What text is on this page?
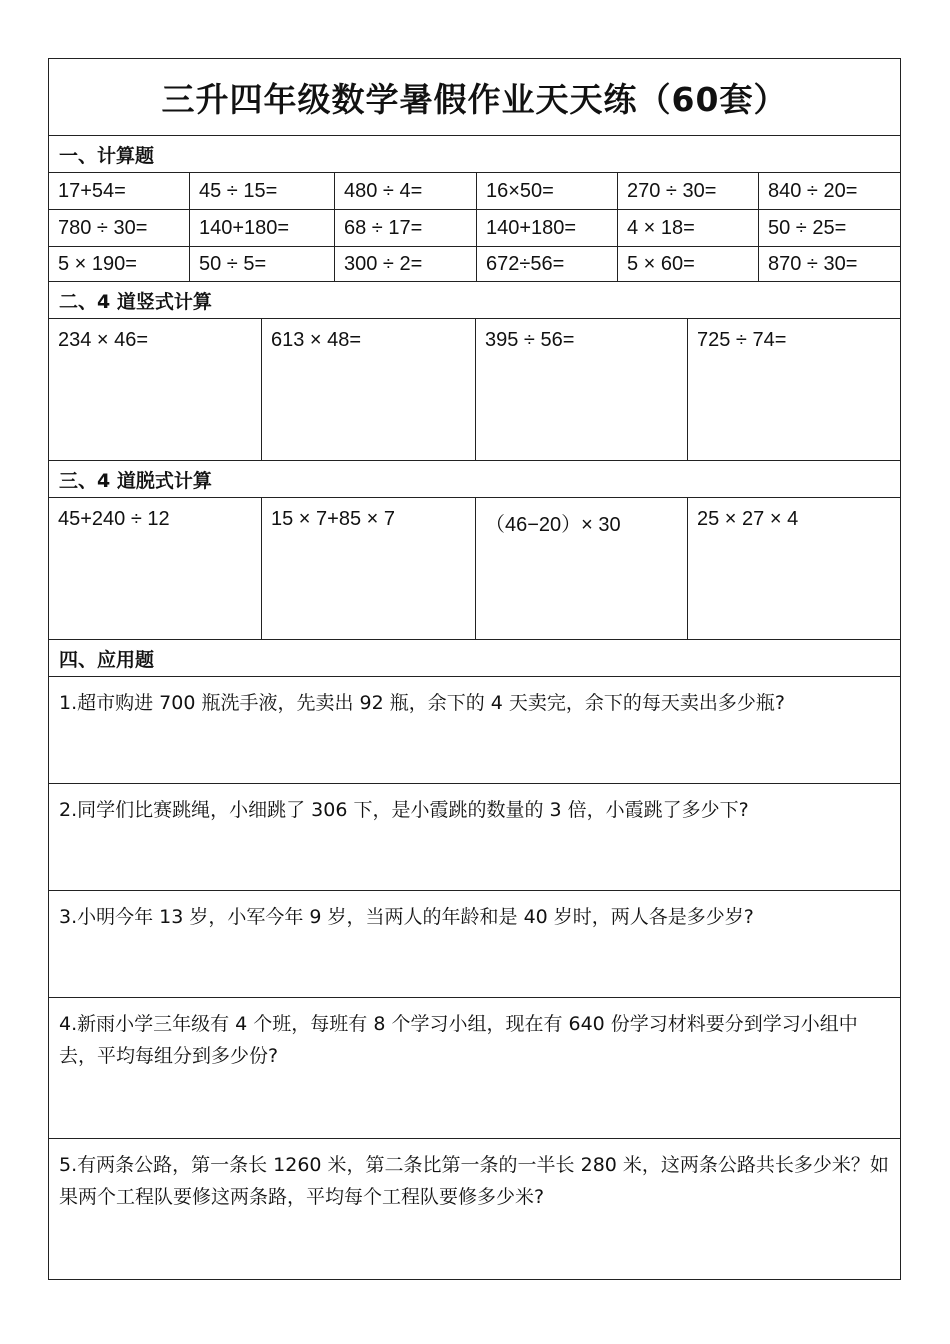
三升四年级数学暑假作业天天练（60套）
一、计算题
17+54=	45 ÷ 15=	480 ÷ 4=	16×50=	270 ÷ 30=	840 ÷ 20=
780 ÷ 30=	140+180=	68 ÷ 17=	140+180=	4 × 18=	50 ÷ 25=
5 × 190=	50 ÷ 5=	300 ÷ 2=	672÷56=	5 × 60=	870 ÷ 30=
二、4 道竖式计算
234 × 46=	613 × 48=	395 ÷ 56=	725 ÷ 74=
三、4 道脱式计算
45+240 ÷ 12	15 × 7+85 × 7	（46−20）× 30	25 × 27 × 4
四、应用题
1.超市购进 700 瓶洗手液，先卖出 92 瓶，余下的 4 天卖完，余下的每天卖出多少瓶?
2.同学们比赛跳绳，小细跳了 306 下，是小霞跳的数量的 3 倍，小霞跳了多少下?
3.小明今年 13 岁，小军今年 9 岁，当两人的年龄和是 40 岁时，两人各是多少岁?
4.新雨小学三年级有 4 个班，每班有 8 个学习小组，现在有 640 份学习材料要分到学习小组中去，平均每组分到多少份?
5.有两条公路，第一条长 1260 米，第二条比第一条的一半长 280 米，这两条公路共长多少米？如果两个工程队要修这两条路，平均每个工程队要修多少米?
